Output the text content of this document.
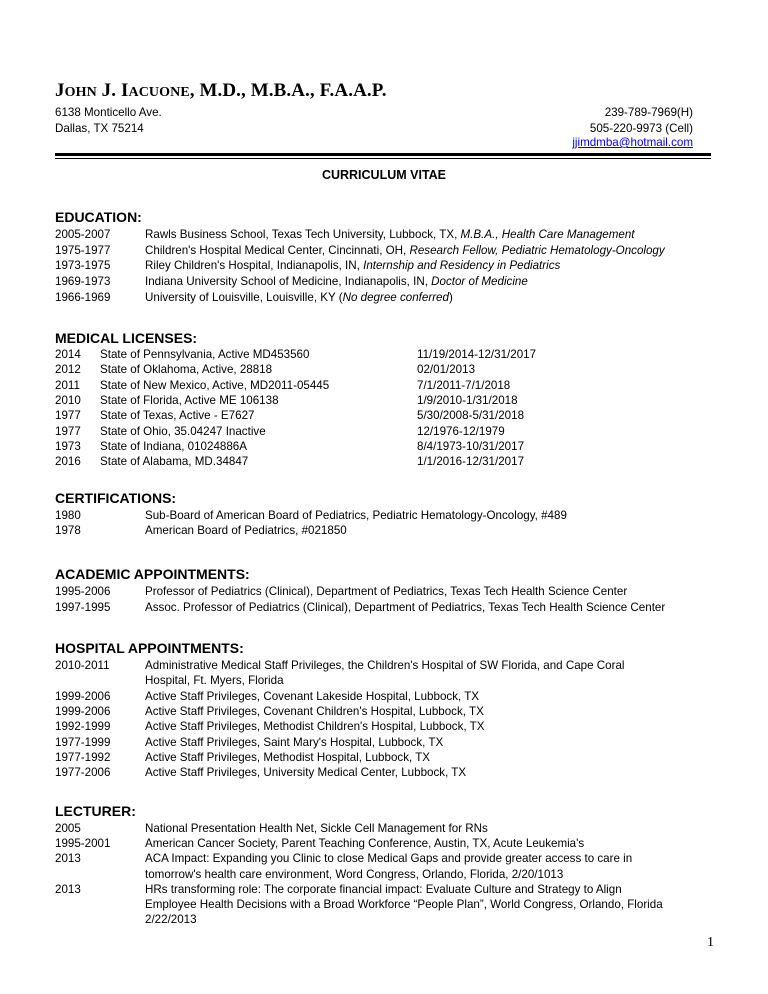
JOHN J. IACUONE, M.D., M.B.A., F.A.A.P.
6138 Monticello Ave.
Dallas, TX 75214
239-789-7969(H)
505-220-9973 (Cell)
jjimdmba@hotmail.com
CURRICULUM VITAE
EDUCATION:
2005-2007	Rawls Business School, Texas Tech University, Lubbock, TX, M.B.A., Health Care Management
1975-1977	Children's Hospital Medical Center, Cincinnati, OH, Research Fellow, Pediatric Hematology-Oncology
1973-1975	Riley Children's Hospital, Indianapolis, IN, Internship and Residency in Pediatrics
1969-1973	Indiana University School of Medicine, Indianapolis, IN, Doctor of Medicine
1966-1969	University of Louisville, Louisville, KY (No degree conferred)
MEDICAL LICENSES:
2014 State of Pennsylvania, Active MD453560	11/19/2014-12/31/2017
2012 State of Oklahoma, Active, 28818	02/01/2013
2011 State of New Mexico, Active, MD2011-05445	7/1/2011-7/1/2018
2010 State of Florida, Active ME 106138	1/9/2010-1/31/2018
1977 State of Texas, Active - E7627	5/30/2008-5/31/2018
1977 State of Ohio, 35.04247 Inactive	12/1976-12/1979
1973 State of Indiana, 01024886A	8/4/1973-10/31/2017
2016 State of Alabama, MD.34847	1/1/2016-12/31/2017
CERTIFICATIONS:
1980	Sub-Board of American Board of Pediatrics, Pediatric Hematology-Oncology, #489
1978	American Board of Pediatrics, #021850
ACADEMIC APPOINTMENTS:
1995-2006	Professor of Pediatrics (Clinical), Department of Pediatrics, Texas Tech Health Science Center
1997-1995	Assoc. Professor of Pediatrics (Clinical), Department of Pediatrics, Texas Tech Health Science Center
HOSPITAL APPOINTMENTS:
2010-2011	Administrative Medical Staff Privileges, the Children's Hospital of SW Florida, and Cape Coral
Hospital, Ft. Myers, Florida
1999-2006	Active Staff Privileges, Covenant Lakeside Hospital, Lubbock, TX
1999-2006	Active Staff Privileges, Covenant Children's Hospital, Lubbock, TX
1992-1999	Active Staff Privileges, Methodist Children's Hospital, Lubbock, TX
1977-1999	Active Staff Privileges, Saint Mary's Hospital, Lubbock, TX
1977-1992	Active Staff Privileges, Methodist Hospital, Lubbock, TX
1977-2006	Active Staff Privileges, University Medical Center, Lubbock, TX
LECTURER:
2005	National Presentation Health Net, Sickle Cell Management for RNs
1995-2001	American Cancer Society, Parent Teaching Conference, Austin, TX, Acute Leukemia's
2013	ACA Impact: Expanding you Clinic to close Medical Gaps and provide greater access to care in
tomorrow's health care environment, Word Congress, Orlando, Florida, 2/20/1013
2013	HRs transforming role: The corporate financial impact: Evaluate Culture and Strategy to Align
Employee Health Decisions with a Broad Workforce “People Plan”, World Congress, Orlando, Florida
2/22/2013
1
